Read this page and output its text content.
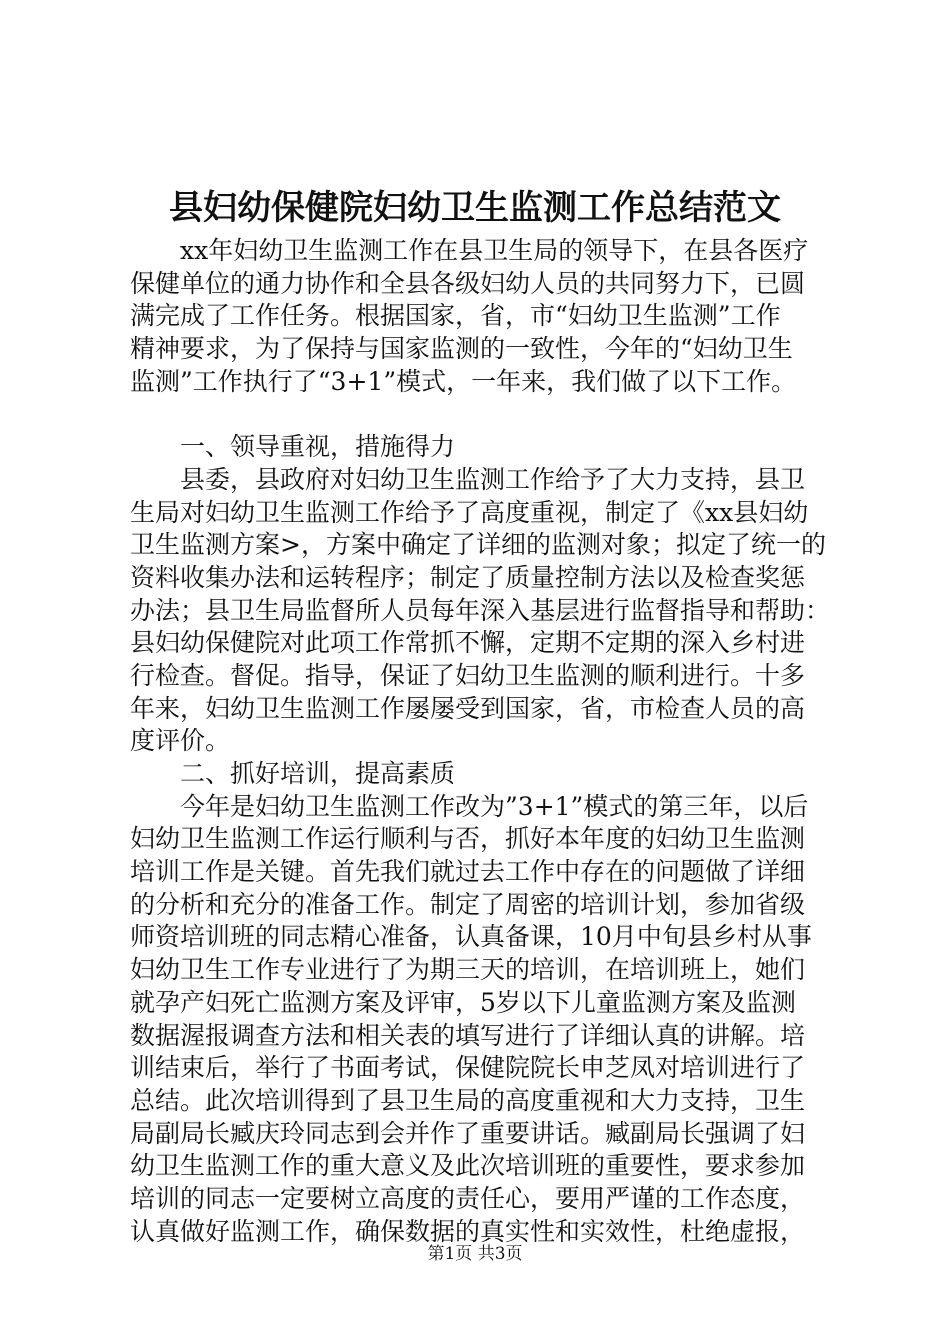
县妇幼保健院妇幼卫生监测工作总结范文
　　xx年妇幼卫生监测工作在县卫生局的领导下，在县各医疗
保健单位的通力协作和全县各级妇幼人员的共同努力下，已圆
满完成了工作任务。根据国家，省，市“妇幼卫生监测”工作
精神要求，为了保持与国家监测的一致性，今年的“妇幼卫生
监测”工作执行了“3+1”模式，一年来，我们做了以下工作。
　　一、领导重视，措施得力
　　县委，县政府对妇幼卫生监测工作给予了大力支持，县卫
生局对妇幼卫生监测工作给予了高度重视，制定了《xx县妇幼
卫生监测方案>，方案中确定了详细的监测对象；拟定了统一的
资料收集办法和运转程序；制定了质量控制方法以及检查奖惩
办法；县卫生局监督所人员每年深入基层进行监督指导和帮助：
县妇幼保健院对此项工作常抓不懈，定期不定期的深入乡村进
行检查。督促。指导，保证了妇幼卫生监测的顺利进行。十多
年来，妇幼卫生监测工作屡屡受到国家，省，市检查人员的高
度评价。
　　二、抓好培训，提高素质
　　今年是妇幼卫生监测工作改为”3+1”模式的第三年，以后
妇幼卫生监测工作运行顺利与否，抓好本年度的妇幼卫生监测
培训工作是关键。首先我们就过去工作中存在的问题做了详细
的分析和充分的准备工作。制定了周密的培训计划，参加省级
师资培训班的同志精心准备，认真备课，10月中旬县乡村从事
妇幼卫生工作专业进行了为期三天的培训，在培训班上，她们
就孕产妇死亡监测方案及评审，5岁以下儿童监测方案及监测
数据渥报调查方法和相关表的填写进行了详细认真的讲解。培
训结束后，举行了书面考试，保健院院长申芝凤对培训进行了
总结。此次培训得到了县卫生局的高度重视和大力支持，卫生
局副局长臧庆玲同志到会并作了重要讲话。臧副局长强调了妇
幼卫生监测工作的重大意义及此次培训班的重要性，要求参加
培训的同志一定要树立高度的责任心，要用严谨的工作态度，
认真做好监测工作，确保数据的真实性和实效性，杜绝虚报，
第1页 共3页
